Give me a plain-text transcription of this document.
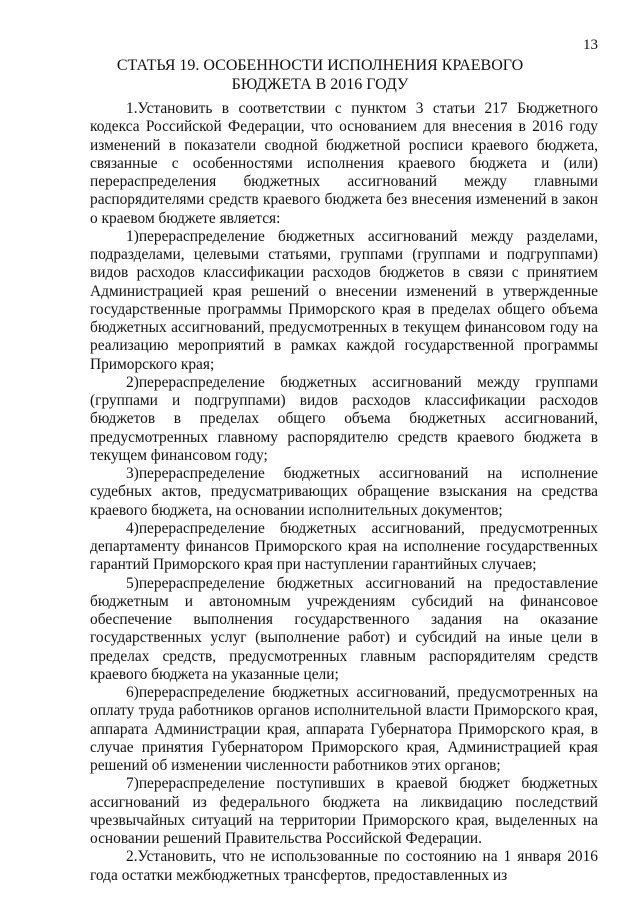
13
СТАТЬЯ 19. ОСОБЕННОСТИ ИСПОЛНЕНИЯ КРАЕВОГО
БЮДЖЕТА В 2016 ГОДУ

1.Установить в соответствии с пунктом 3 статьи 217 Бюджетного кодекса Российской Федерации, что основанием для внесения в 2016 году изменений в показатели сводной бюджетной росписи краевого бюджета, связанные с особенностями исполнения краевого бюджета и (или) перераспределения бюджетных ассигнований между главными распорядителями средств краевого бюджета без внесения изменений в закон о краевом бюджете является:

1)перераспределение бюджетных ассигнований между разделами, подразделами, целевыми статьями, группами (группами и подгруппами) видов расходов классификации расходов бюджетов в связи с принятием Администрацией края решений о внесении изменений в утвержденные государственные программы Приморского края в пределах общего объема бюджетных ассигнований, предусмотренных в текущем финансовом году на реализацию мероприятий в рамках каждой государственной программы Приморского края;

2)перераспределение бюджетных ассигнований между группами (группами и подгруппами) видов расходов классификации расходов бюджетов в пределах общего объема бюджетных ассигнований, предусмотренных главному распорядителю средств краевого бюджета в текущем финансовом году;

3)перераспределение бюджетных ассигнований на исполнение судебных актов, предусматривающих обращение взыскания на средства краевого бюджета, на основании исполнительных документов;

4)перераспределение бюджетных ассигнований, предусмотренных департаменту финансов Приморского края на исполнение государственных гарантий Приморского края при наступлении гарантийных случаев;

5)перераспределение бюджетных ассигнований на предоставление бюджетным и автономным учреждениям субсидий на финансовое обеспечение выполнения государственного задания на оказание государственных услуг (выполнение работ) и субсидий на иные цели в пределах средств, предусмотренных главным распорядителям средств краевого бюджета на указанные цели;

6)перераспределение бюджетных ассигнований, предусмотренных на оплату труда работников органов исполнительной власти Приморского края, аппарата Администрации края, аппарата Губернатора Приморского края, в случае принятия Губернатором Приморского края, Администрацией края решений об изменении численности работников этих органов;

7)перераспределение поступивших в краевой бюджет бюджетных ассигнований из федерального бюджета на ликвидацию последствий чрезвычайных ситуаций на территории Приморского края, выделенных на основании решений Правительства Российской Федерации.

2.Установить, что не использованные по состоянию на 1 января 2016 года остатки межбюджетных трансфертов, предоставленных из
